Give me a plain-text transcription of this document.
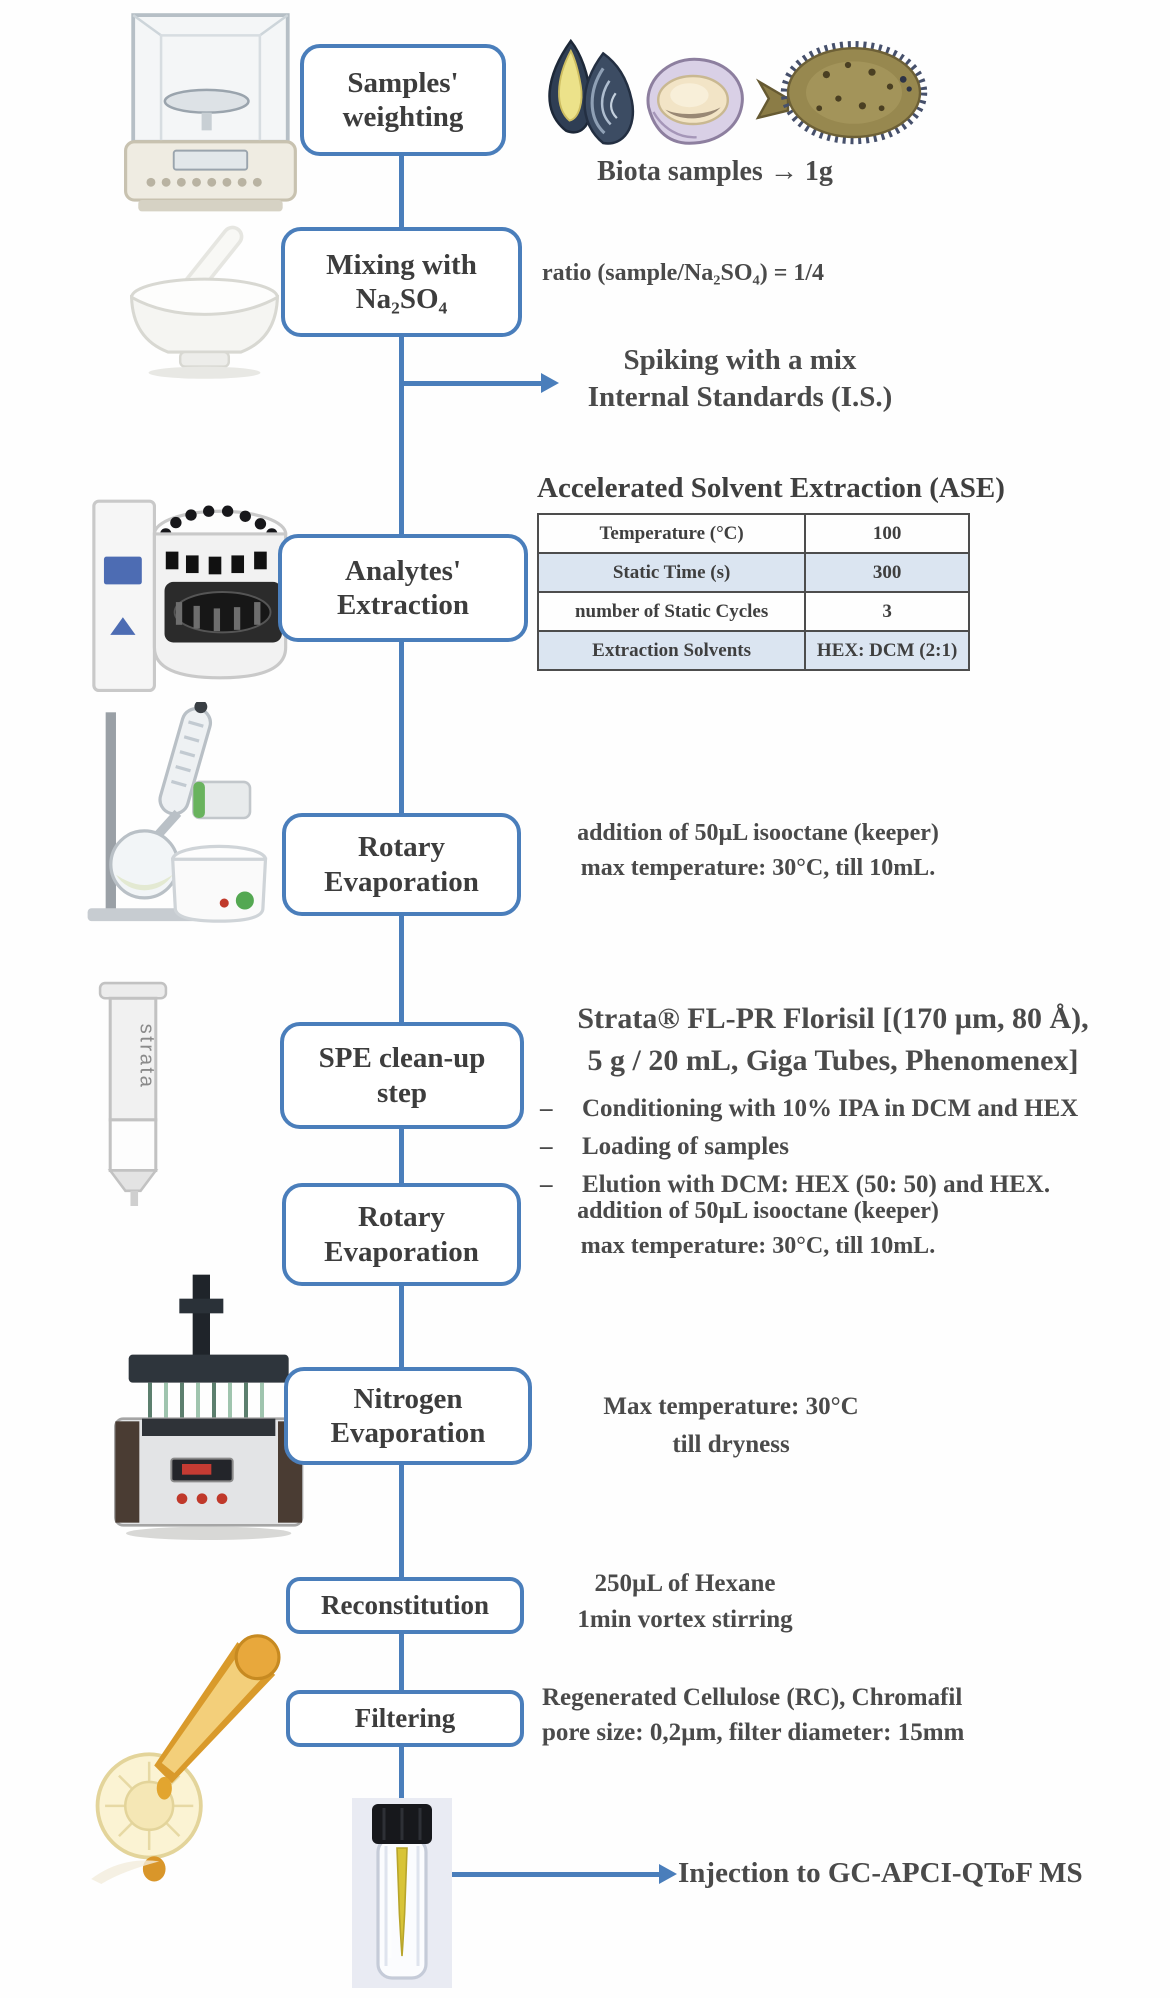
Samples' weighting
Mixing with Na₂SO₄
Analytes' Extraction
Rotary Evaporation
SPE clean-up step
Rotary Evaporation
Nitrogen Evaporation
Reconstitution
Filtering
Biota samples → 1g
ratio (sample/Na₂SO₄) = 1/4
Spiking with a mix
Internal Standards (I.S.)
Accelerated Solvent Extraction (ASE)
Temperature (°C)	100
Static Time (s)	300
number of Static Cycles	3
Extraction Solvents	HEX: DCM (2:1)
addition of 50µL isooctane (keeper)
max temperature: 30°C, till 10mL.
Strata® FL-PR Florisil [(170 µm, 80 Å),
5 g / 20 mL, Giga Tubes, Phenomenex]
–	Conditioning with 10% IPA in DCM and HEX
–	Loading of samples
–	Elution with DCM: HEX (50: 50) and HEX.
addition of 50µL isooctane (keeper)
max temperature: 30°C, till 10mL.
Max temperature: 30°C
till dryness
250µL of Hexane
1min vortex stirring
Regenerated Cellulose (RC), Chromafil
pore size: 0,2µm, filter diameter: 15mm
Injection to GC-APCI-QToF MS
strata
